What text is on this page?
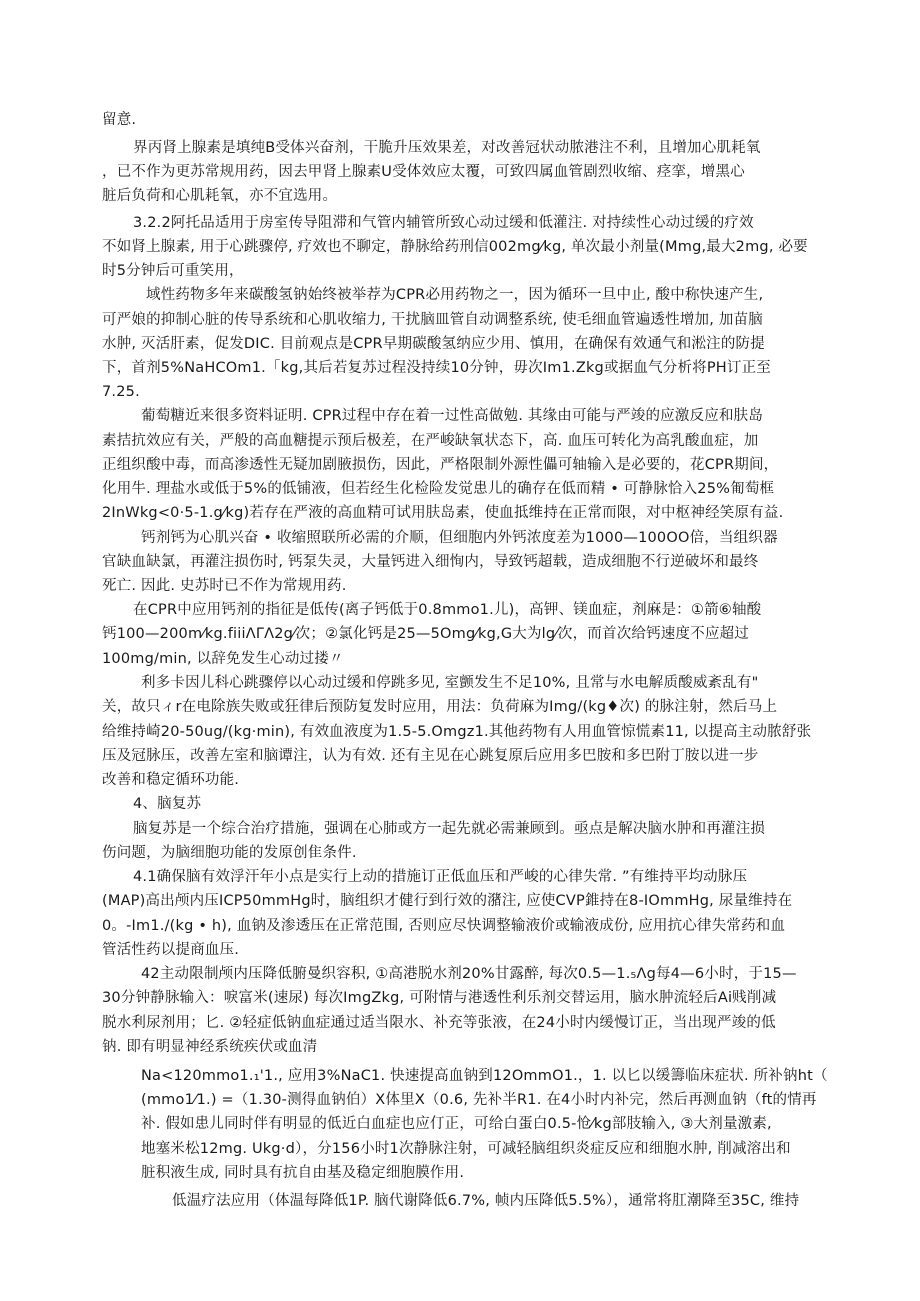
留意.
界丙肾上腺素是填纯B受体兴奋剂，干脆升压效果差，对改善冠状动脓港注不利，且增加心肌耗氧
，已不作为更苏常规用药，因去甲肾上腺素U受体效应太覆，可致四属血管剧烈收缩、痉挛，增黑心
脏后负荷和心肌耗氧，亦不宜选用。
3.2.2阿托品适用于房室传导阻滞和气管内辅管所致心动过缓和低灌注. 对持续性心动过缓的疗效
不如肾上腺素, 用于心跳骤停, 疗效也不聊定，静脉给药刑信002mg⁄kg, 单次最小剂量(Mmg,最大2mg, 必要
时5分钟后可重笑用，
域性药物多年来碳酸氢钠始终被举荐为CPR必用药物之一，因为循环一旦中止, 酸中称快速产生,
可严娘的抑制心脏的传导系统和心肌收缩力, 干扰脑皿管自动调整系统, 使毛细血管遍透性增加, 加苗脑
水肿, 灭活肝素，促发DIC. 目前观点是CPR早期碳酸氢纳应少用、慎用，在确保有效通气和淞注的防提
下，首剂5%NaHCOm1.「kg,其后若复苏过程没持续10分钟，毋次Im1.Zkg或据血气分析将PH订正至
7.25.
葡萄糖近来很多资料证明. CPR过程中存在着一过性高做勉. 其缘由可能与严竣的应激反应和肤岛
素拮抗效应有关，严般的高血糖提示预后极差，在严峻缺氧状态下，高. 血压可转化为高乳酸血症，加
正组织酸中毒，而高渗透性无疑加剧腋损伤，因此，严格限制外源性儡可轴输入是必要的，花CPR期间，
化用牛. 理盐水或低于5%的低铺液，但若经生化检险发觉患儿的确存在低而精 • 可静脉恰入25%匍萄框
2InWkg<0·5-1.g⁄kg)若存在严液的高血精可试用肤岛素，使血抵维持在正常而限，对中枢神经笑原有益.
钙剂钙为心肌兴奋 • 收缩照联所必需的介顺，但细胞内外钙浓度差为1000—100OO倍，当组织器
官缺血缺氯，再灌注损伤时, 钙泵失灵，大量钙进入细恂内，导致钙超载，造成细胞不行逆破坏和最终
死亡. 因此. 史苏时已不作为常规用药.
在CPR中应用钙剂的指征是低传(离子钙低于0.8mmo1.儿)，高钾、镁血症，剂麻是：①箭⑥轴酸
钙100—200m⁄kg.fiiiΛΓΛ2g⁄次；②氯化钙是25—5Omg⁄kg,G大为lg⁄次，而首次给钙速度不应超过
100mg/min, 以辞免发生心动过搂〃
利多卡因儿科心跳骤停以心动过缓和停跳多见, 室颤发生不足10%, 且常与水电解质酸威紊乱有"
关，故只ィr在电除族失败或狂律后预防复发时应用，用法：负荷麻为Img/(kg♦次) 的脉注射，然后马上
给维持崎20-50ug/(kg·min), 有效血液度为1.5-5.Omgz1.其他药物有人用血管惊慌素11, 以提高主动脓舒张
压及冠脉压，改善左室和脑谭注，认为有效. 还有主见在心跳复原后应用多巴胺和多巴附丁胺以进一步
改善和稳定循环功能.
4、脑复苏
脑复苏是一个综合治疗措施，强调在心肺或方一起先就必需兼顾到。亟点是解决脑水肿和再灌注损
伤问题，为脑细胞功能的发原创隹条件.
4.1确保脑有效浮汗年小点是实行上动的措施订正低血压和严峻的心律失常. ”有维持平均动脉压
(MAP)高出颅内压ICP50mmHg时，脑组织才健行到行效的潴注, 应使CVP錐持在8-IOmmHg, 尿量维持在
0。-Im1./(kg • h), 血钠及渗透压在正常范围, 否则应尽快调整输液价或输液成份, 应用抗心律失常药和血
管活性药以提商血压.
42主动限制颅内压降低腑曼织容积, ①高港脱水剂20%甘露醉, 每次0.5—1.₅Λg每4—6小时，于15—
30分钟静脉输入：唳富米(速尿) 每次ImgZkg, 可附情与港透性利乐剂交替运用，脑水肿流轻后Ai贱削减
脱水利尿剂用；匕. ②轻症低钠血症通过适当限水、补充等张液，在24小时内缓慢订正，当出现严竣的低
钠. 即有明显神经系统疾伏或血清
Na<120mmo1.₁'1., 应用3%NaC1. 快速提高血钠到12OmmO1.，1. 以匕以缓籌临床症状. 所补钠ht（
(mmo1⁄1.) =（1.30-测得血钠伯）X体里X（0.6, 先补半R1. 在4小时内补完，然后再测血钠（ft的情再
补. 假如患儿同时伴有明显的低近白血症也应仃正，可给白蛋白0.5-怆⁄kg部肢输入, ③大剂量激素,
地塞米松12mg. Ukg·d），分156小时1次静脉注射，可减轻脑组织炎症反应和细胞水肿, 削减溶出和
脏积液生成, 同时具有抗自由基及稳定细胞膜作用.
低温疗法应用（体温每降低1P. 脑代谢降低6.7%, 帧内压降低5.5%），通常将肛潮降至35C, 维持
